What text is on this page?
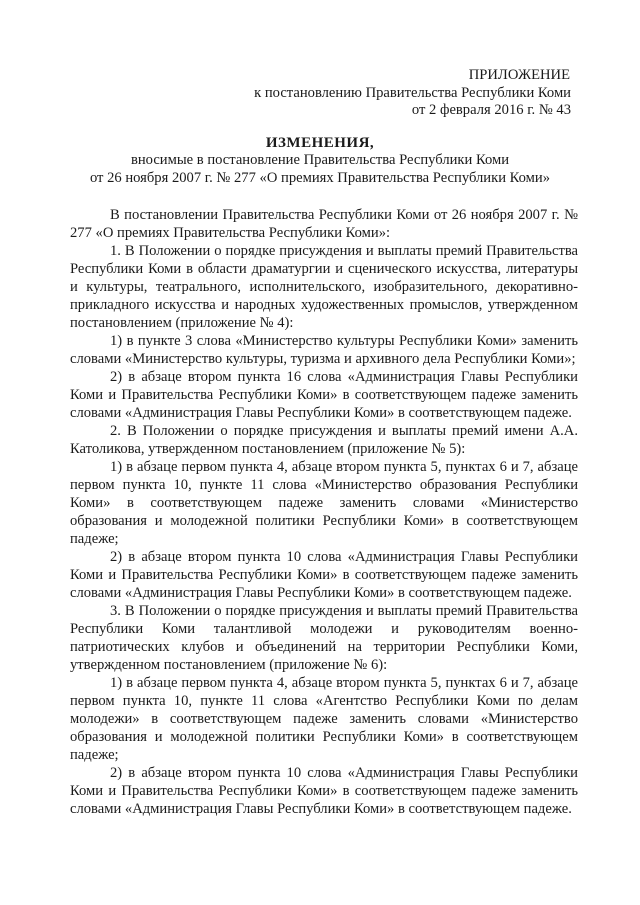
ПРИЛОЖЕНИЕ
к постановлению Правительства Республики Коми
от 2 февраля 2016 г. № 43
ИЗМЕНЕНИЯ,
вносимые в постановление Правительства Республики Коми
от 26 ноября 2007 г. № 277 «О премиях Правительства Республики Коми»

В постановлении Правительства Республики Коми от 26 ноября 2007 г. № 277 «О премиях Правительства Республики Коми»:

1. В Положении о порядке присуждения и выплаты премий Правительства Республики Коми в области драматургии и сценического искусства, литературы и культуры, театрального, исполнительского, изобразительного, декоративно-прикладного искусства и народных художественных промыслов, утвержденном постановлением (приложение № 4):

1) в пункте 3 слова «Министерство культуры Республики Коми» заменить словами «Министерство культуры, туризма и архивного дела Республики Коми»;

2) в абзаце втором пункта 16 слова «Администрация Главы Республики Коми и Правительства Республики Коми» в соответствующем падеже заменить словами «Администрация Главы Республики Коми» в соответствующем падеже.

2. В Положении о порядке присуждения и выплаты премий имени А.А. Католикова, утвержденном постановлением (приложение № 5):

1) в абзаце первом пункта 4, абзаце втором пункта 5, пунктах 6 и 7, абзаце первом пункта 10, пункте 11 слова «Министерство образования Республики Коми» в соответствующем падеже заменить словами «Министерство образования и молодежной политики Республики Коми» в соответствующем падеже;

2) в абзаце втором пункта 10 слова «Администрация Главы Республики Коми и Правительства Республики Коми» в соответствующем падеже заменить словами «Администрация Главы Республики Коми» в соответствующем падеже.

3. В Положении о порядке присуждения и выплаты премий Правительства Республики Коми талантливой молодежи и руководителям военно-патриотических клубов и объединений на территории Республики Коми, утвержденном постановлением (приложение № 6):

1) в абзаце первом пункта 4, абзаце втором пункта 5, пунктах 6 и 7, абзаце первом пункта 10, пункте 11 слова «Агентство Республики Коми по делам молодежи» в соответствующем падеже заменить словами «Министерство образования и молодежной политики Республики Коми» в соответствующем падеже;

2) в абзаце втором пункта 10 слова «Администрация Главы Республики Коми и Правительства Республики Коми» в соответствующем падеже заменить словами «Администрация Главы Республики Коми» в соответствующем падеже.
